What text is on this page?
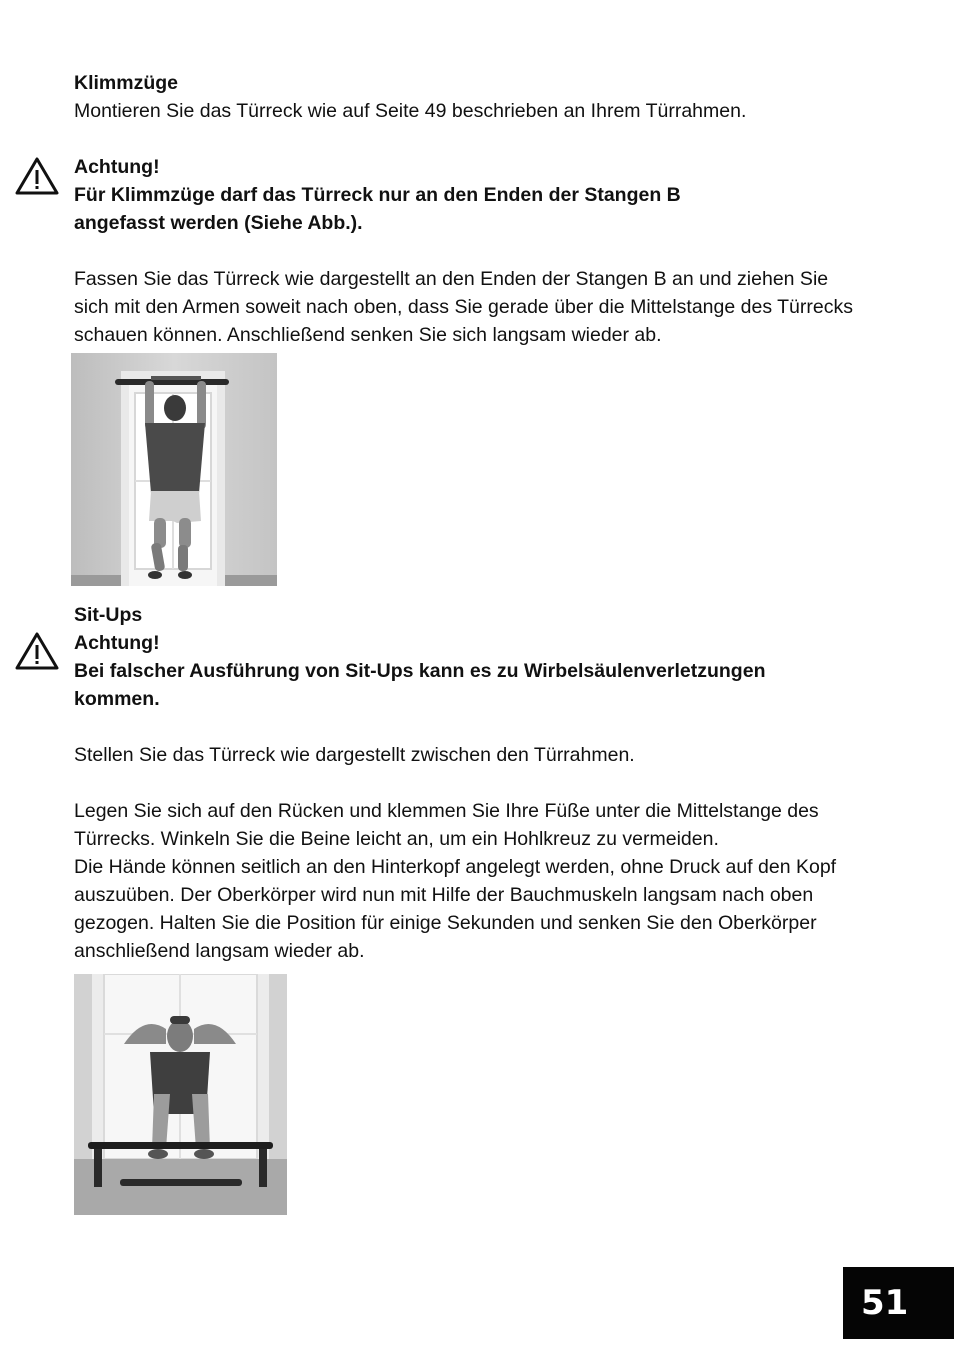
Klimmzüge
Montieren Sie das Türreck wie auf Seite 49 beschrieben an Ihrem Türrahmen.

Achtung!
Für Klimmzüge darf das Türreck nur an den Enden der Stangen B
angefasst werden (Siehe Abb.).

Fassen Sie das Türreck wie dargestellt an den Enden der Stangen B an und ziehen Sie
sich mit den Armen soweit nach oben, dass Sie gerade über die Mittelstange des Türrecks
schauen können. Anschließend senken Sie sich langsam wieder ab.

Sit-Ups
Achtung!
Bei falscher Ausführung von Sit-Ups kann es zu Wirbelsäulenverletzungen
kommen.

Stellen Sie das Türreck wie dargestellt zwischen den Türrahmen.

Legen Sie sich auf den Rücken und klemmen Sie Ihre Füße unter die Mittelstange des
Türrecks. Winkeln Sie die Beine leicht an, um ein Hohlkreuz zu vermeiden.
Die Hände können seitlich an den Hinterkopf angelegt werden, ohne Druck auf den Kopf
auszuüben. Der Oberkörper wird nun mit Hilfe der Bauchmuskeln langsam nach oben
gezogen. Halten Sie die Position für einige Sekunden und senken Sie den Oberkörper
anschließend langsam wieder ab.

51
